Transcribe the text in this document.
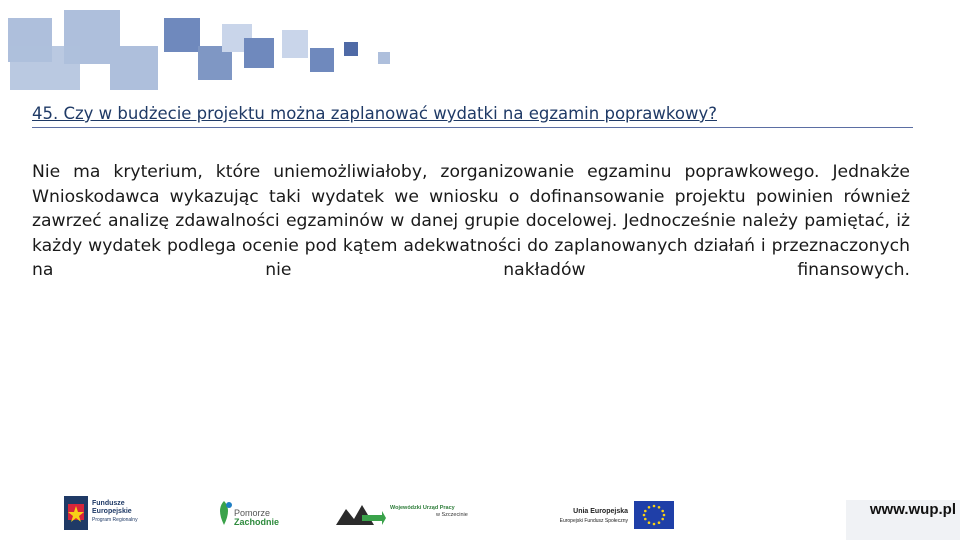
45. Czy w budżecie projektu można zaplanować wydatki na egzamin poprawkowy?

Nie ma kryterium, które uniemożliwiałoby, zorganizowanie egzaminu poprawkowego. Jednakże Wnioskodawca wykazując taki wydatek we wniosku o dofinansowanie projektu powinien również zawrzeć analizę zdawalności egzaminów w danej grupie docelowej. Jednocześnie należy pamiętać, iż każdy wydatek podlega ocenie pod kątem adekwatności do zaplanowanych działań i przeznaczonych na nie nakładów finansowych.

Fundusze Europejskie
Program Regionalny
Pomorze
Zachodnie
Wojewódzki Urząd Pracy
w Szczecinie	Unia Europejska
Europejski Fundusz Społeczny
www.wup.pl
